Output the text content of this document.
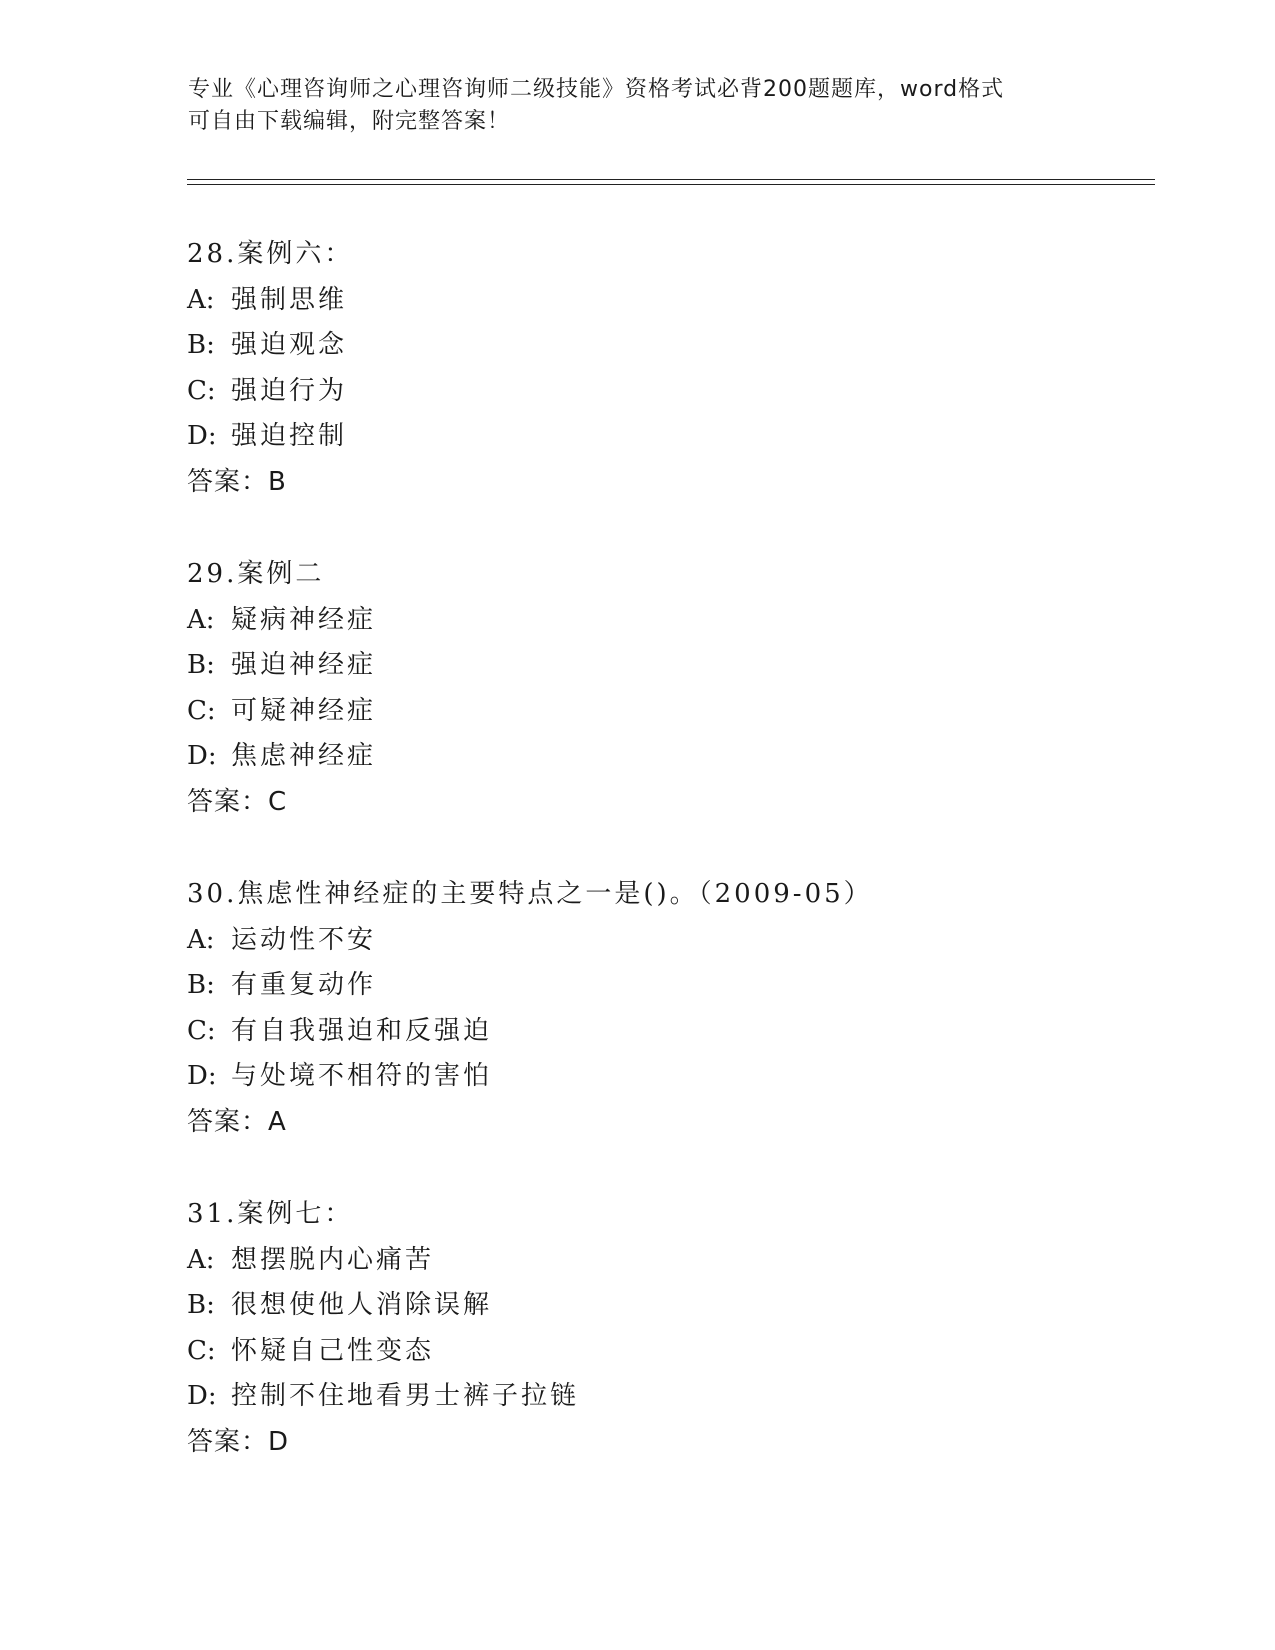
专业《心理咨询师之心理咨询师二级技能》资格考试必背200题题库，word格式
可自由下载编辑，附完整答案！
28.案例六：
A: 强制思维
B: 强迫观念
C: 强迫行为
D: 强迫控制
答案：B
29.案例二
A: 疑病神经症
B: 强迫神经症
C: 可疑神经症
D: 焦虑神经症
答案：C
30.焦虑性神经症的主要特点之一是()。（2009-05）
A: 运动性不安
B: 有重复动作
C: 有自我强迫和反强迫
D: 与处境不相符的害怕
答案：A
31.案例七：
A: 想摆脱内心痛苦
B: 很想使他人消除误解
C: 怀疑自己性变态
D: 控制不住地看男士裤子拉链
答案：D
